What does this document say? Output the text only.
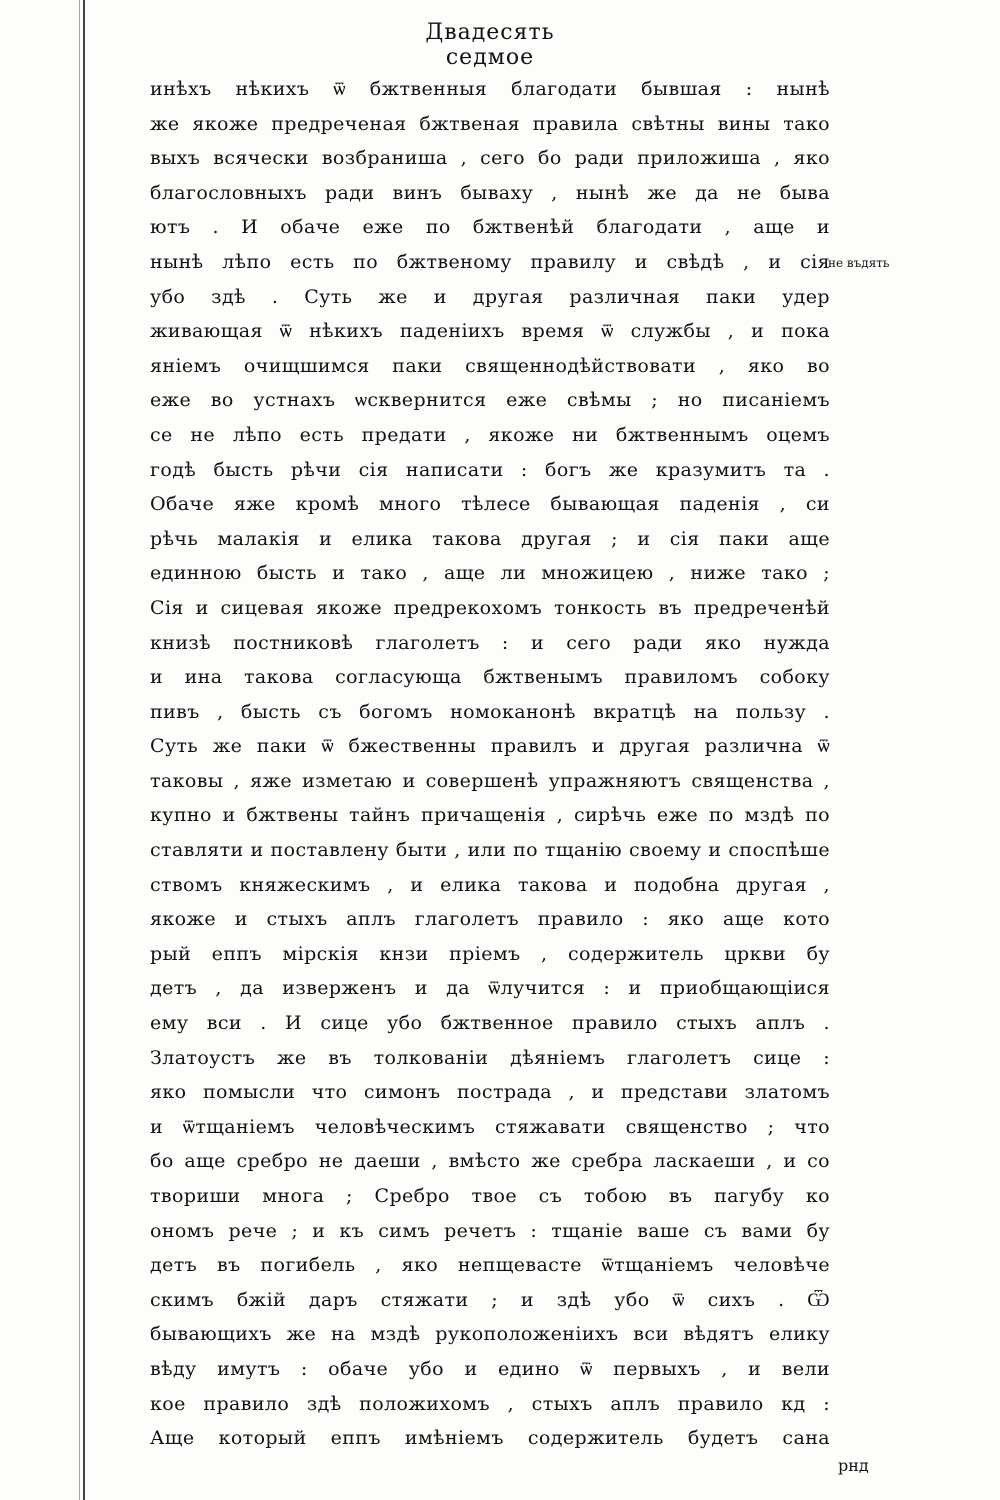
Двадесять седмое
инѣхъ нѣкихъ ѿ бжтвенныя благодати бывшая : нынѣ
же якоже предреченая бжтвеная правила свѣтны вины тако
выхъ всячески возбраниша , сего бо ради приложиша , яко
благословныхъ ради винъ бываху , нынѣ же да не быва
ютъ . И обаче еже по бжтвенѣй благодати , аще и
нынѣ лѣпо есть по бжтвеному правилу и свѣдѣ , и сія
убо здѣ . Суть же и другая различная паки удер
живающая ѿ нѣкихъ паденіихъ время ѿ службы , и пока
яніемъ очищшимся паки священнодѣйствовати , яко во
еже во устнахъ ѡсквернится еже свѣмы ; но писаніемъ
се не лѣпо есть предати , якоже ни бжтвеннымъ оцемъ
годѣ бысть рѣчи сія написати : богъ же кразумитъ та .
Обаче яже кромѣ много тѣлесе бывающая паденія , си
рѣчь малакія и елика такова другая ; и сія паки аще
единною бысть и тако , аще ли множицею , ниже тако ;
Сія и сицевая якоже предрекохомъ тонкость въ предреченѣй
книзѣ постниковѣ глаголетъ : и сего ради яко нужда
и ина такова согласующа бжтвенымъ правиломъ собоку
пивъ , бысть съ богомъ номоканонѣ вкратцѣ на пользу .
Суть же паки ѿ бжественны правилъ и другая различна ѿ
таковы , яже изметаю и совершенѣ упражняютъ священства ,
купно и бжтвены тайнъ причащенія , сирѣчь еже по мздѣ по
ставляти и поставлену быти , или по тщанію своему и споспѣше
ствомъ княжескимъ , и елика такова и подобна другая ,
якоже и стыхъ аплъ глаголетъ правило : яко аще кото
рый еппъ мірскія кнзи пріемъ , содержитель цркви бу
детъ , да изверженъ и да ѿлучится : и приобщающіися
ему вси . И сице убо бжтвенное правило стыхъ аплъ .
Златоустъ же въ толкованіи дѣяніемъ глаголетъ сице :
яко помысли что симонъ пострада , и представи златомъ
и ѿтщаніемъ человѣческимъ стяжавати священство ; что
бо аще сребро не даеши , вмѣсто же сребра ласкаеши , и со
твориши многа ; Сребро твое съ тобою въ пагубу ко
ономъ рече ; и къ симъ речетъ : тщаніе ваше съ вами бу
детъ въ погибель , яко непщевасте ѿтщаніемъ человѣче
скимъ бжій даръ стяжати ; и здѣ убо ѿ сихъ . Ѿ
бывающихъ же на мздѣ рукоположеніихъ вси вѣдятъ елику
вѣду имутъ : обаче убо и едино ѿ первыхъ , и вели
кое правило здѣ положихомъ , стыхъ аплъ правило кд :
Аще который еппъ имѣніемъ содержитель будетъ сана
не въдять
рнд
